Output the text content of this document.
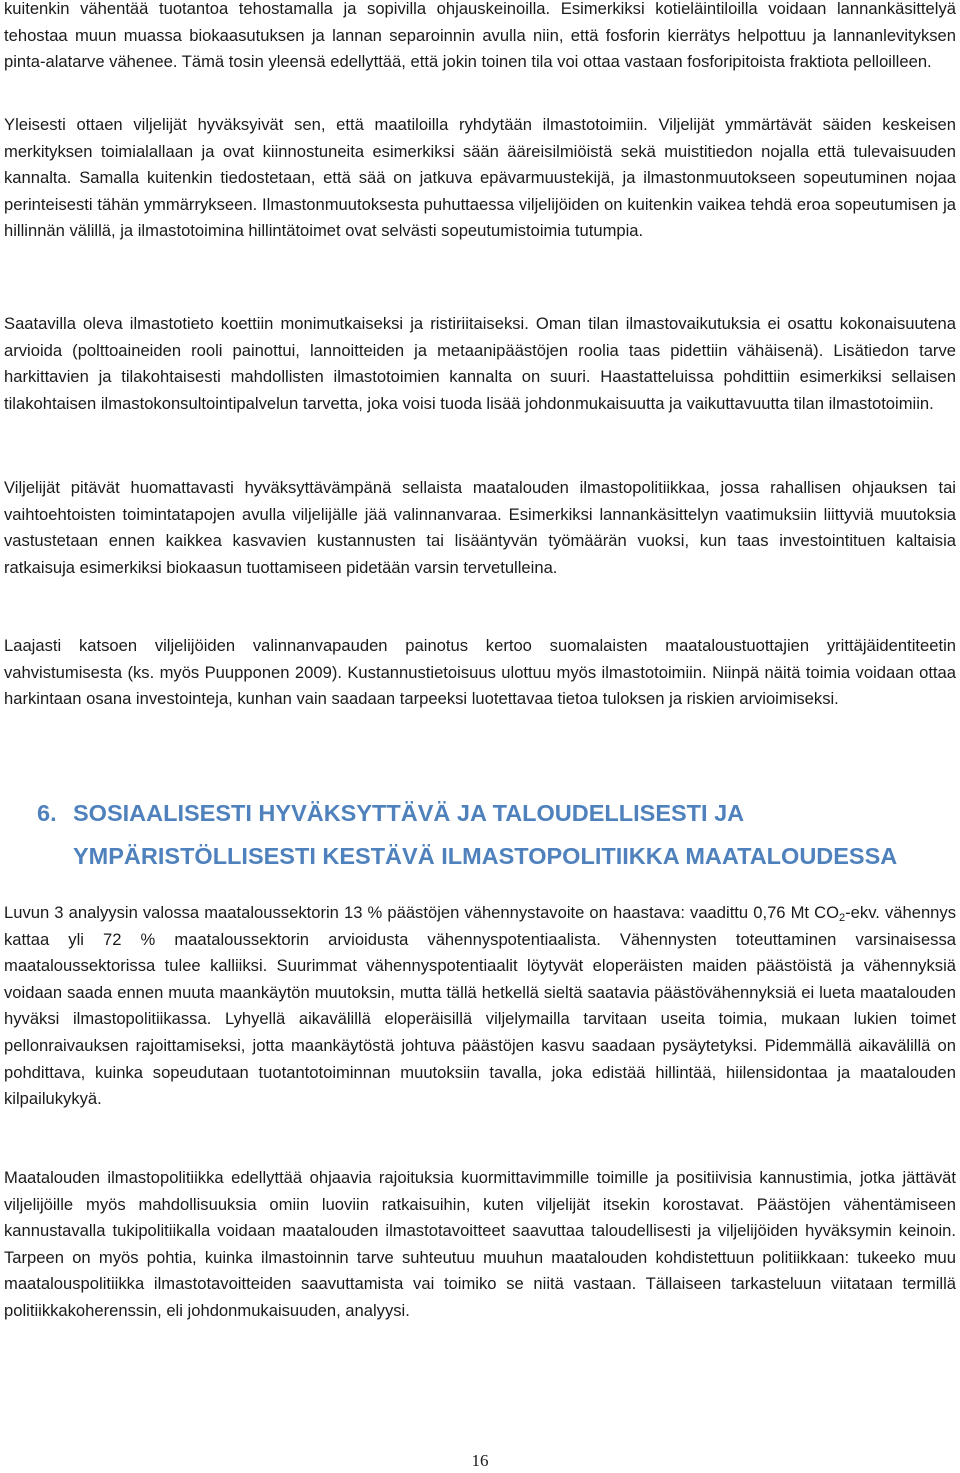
kuitenkin vähentää tuotantoa tehostamalla ja sopivilla ohjauskeinoilla. Esimerkiksi kotieläintiloilla voidaan lannankäsittelyä tehostaa muun muassa biokaasutuksen ja lannan separoinnin avulla niin, että fosforin kierrätys helpottuu ja lannanlevityksen pinta-alatarve vähenee. Tämä tosin yleensä edellyttää, että jokin toinen tila voi ottaa vastaan fosforipitoista fraktiota pelloilleen.

Yleisesti ottaen viljelijät hyväksyivät sen, että maatiloilla ryhdytään ilmastotoimiin. Viljelijät ymmärtävät säiden keskeisen merkityksen toimialallaan ja ovat kiinnostuneita esimerkiksi sään ääreisilmiöistä sekä muistitiedon nojalla että tulevaisuuden kannalta. Samalla kuitenkin tiedostetaan, että sää on jatkuva epävarmuustekijä, ja ilmastonmuutokseen sopeutuminen nojaa perinteisesti tähän ymmärrykseen. Ilmastonmuutoksesta puhuttaessa viljelijöiden on kuitenkin vaikea tehdä eroa sopeutumisen ja hillinnän välillä, ja ilmastotoimina hillintätoimet ovat selvästi sopeutumistoimia tutumpia.

Saatavilla oleva ilmastotieto koettiin monimutkaiseksi ja ristiriitaiseksi. Oman tilan ilmastovaikutuksia ei osattu kokonaisuutena arvioida (polttoaineiden rooli painottui, lannoitteiden ja metaanipäästöjen roolia taas pidettiin vähäisenä). Lisätiedon tarve harkittavien ja tilakohtaisesti mahdollisten ilmastotoimien kannalta on suuri. Haastatteluissa pohdittiin esimerkiksi sellaisen tilakohtaisen ilmastokonsultointipalvelun tarvetta, joka voisi tuoda lisää johdonmukaisuutta ja vaikuttavuutta tilan ilmastotoimiin.

Viljelijät pitävät huomattavasti hyväksyttävämpänä sellaista maatalouden ilmastopolitiikkaa, jossa rahallisen ohjauksen tai vaihtoehtoisten toimintatapojen avulla viljelijälle jää valinnanvaraa. Esimerkiksi lannankäsittelyn vaatimuksiin liittyviä muutoksia vastustetaan ennen kaikkea kasvavien kustannusten tai lisääntyvän työmäärän vuoksi, kun taas investointituen kaltaisia ratkaisuja esimerkiksi biokaasun tuottamiseen pidetään varsin tervetulleina.

Laajasti katsoen viljelijöiden valinnanvapauden painotus kertoo suomalaisten maataloustuottajien yrittäjäidentiteetin vahvistumisesta (ks. myös Puupponen 2009). Kustannustietoisuus ulottuu myös ilmastotoimiin. Niinpä näitä toimia voidaan ottaa harkintaan osana investointeja, kunhan vain saadaan tarpeeksi luotettavaa tietoa tuloksen ja riskien arvioimiseksi.

6. SOSIAALISESTI HYVÄKSYTTÄVÄ JA TALOUDELLISESTI JA
YMPÄRISTÖLLISESTI KESTÄVÄ ILMASTOPOLITIIKKA MAATALOUDESSA

Luvun 3 analyysin valossa maataloussektorin 13 % päästöjen vähennystavoite on haastava: vaadittu 0,76 Mt $CO_2$-ekv. vähennys kattaa yli 72 % maataloussektorin arvioidusta vähennyspotentiaalista. Vähennysten toteuttaminen varsinaisessa maataloussektorissa tulee kalliiksi. Suurimmat vähennyspotentiaalit löytyvät eloperäisten maiden päästöistä ja vähennyksiä voidaan saada ennen muuta maankäytön muutoksin, mutta tällä hetkellä sieltä saatavia päästövähennyksiä ei lueta maatalouden hyväksi ilmastopolitiikassa. Lyhyellä aikavälillä eloperäisillä viljelymailla tarvitaan useita toimia, mukaan lukien toimet pellonraivauksen rajoittamiseksi, jotta maankäytöstä johtuva päästöjen kasvu saadaan pysäytetyksi. Pidemmällä aikavälillä on pohdittava, kuinka sopeudutaan tuotantotoiminnan muutoksiin tavalla, joka edistää hillintää, hiilensidontaa ja maatalouden kilpailukykyä.

Maatalouden ilmastopolitiikka edellyttää ohjaavia rajoituksia kuormittavimmille toimille ja positiivisia kannustimia, jotka jättävät viljelijöille myös mahdollisuuksia omiin luoviin ratkaisuihin, kuten viljelijät itsekin korostavat. Päästöjen vähentämiseen kannustavalla tukipolitiikalla voidaan maatalouden ilmastotavoitteet saavuttaa taloudellisesti ja viljelijöiden hyväksymin keinoin. Tarpeen on myös pohtia, kuinka ilmastoinnin tarve suhteutuu muuhun maatalouden kohdistettuun politiikkaan: tukeeko muu maatalouspolitiikka ilmastotavoitteiden saavuttamista vai toimiko se niitä vastaan. Tällaiseen tarkasteluun viitataan termillä politiikkakoherenssin, eli johdonmukaisuuden, analyysi.

16
